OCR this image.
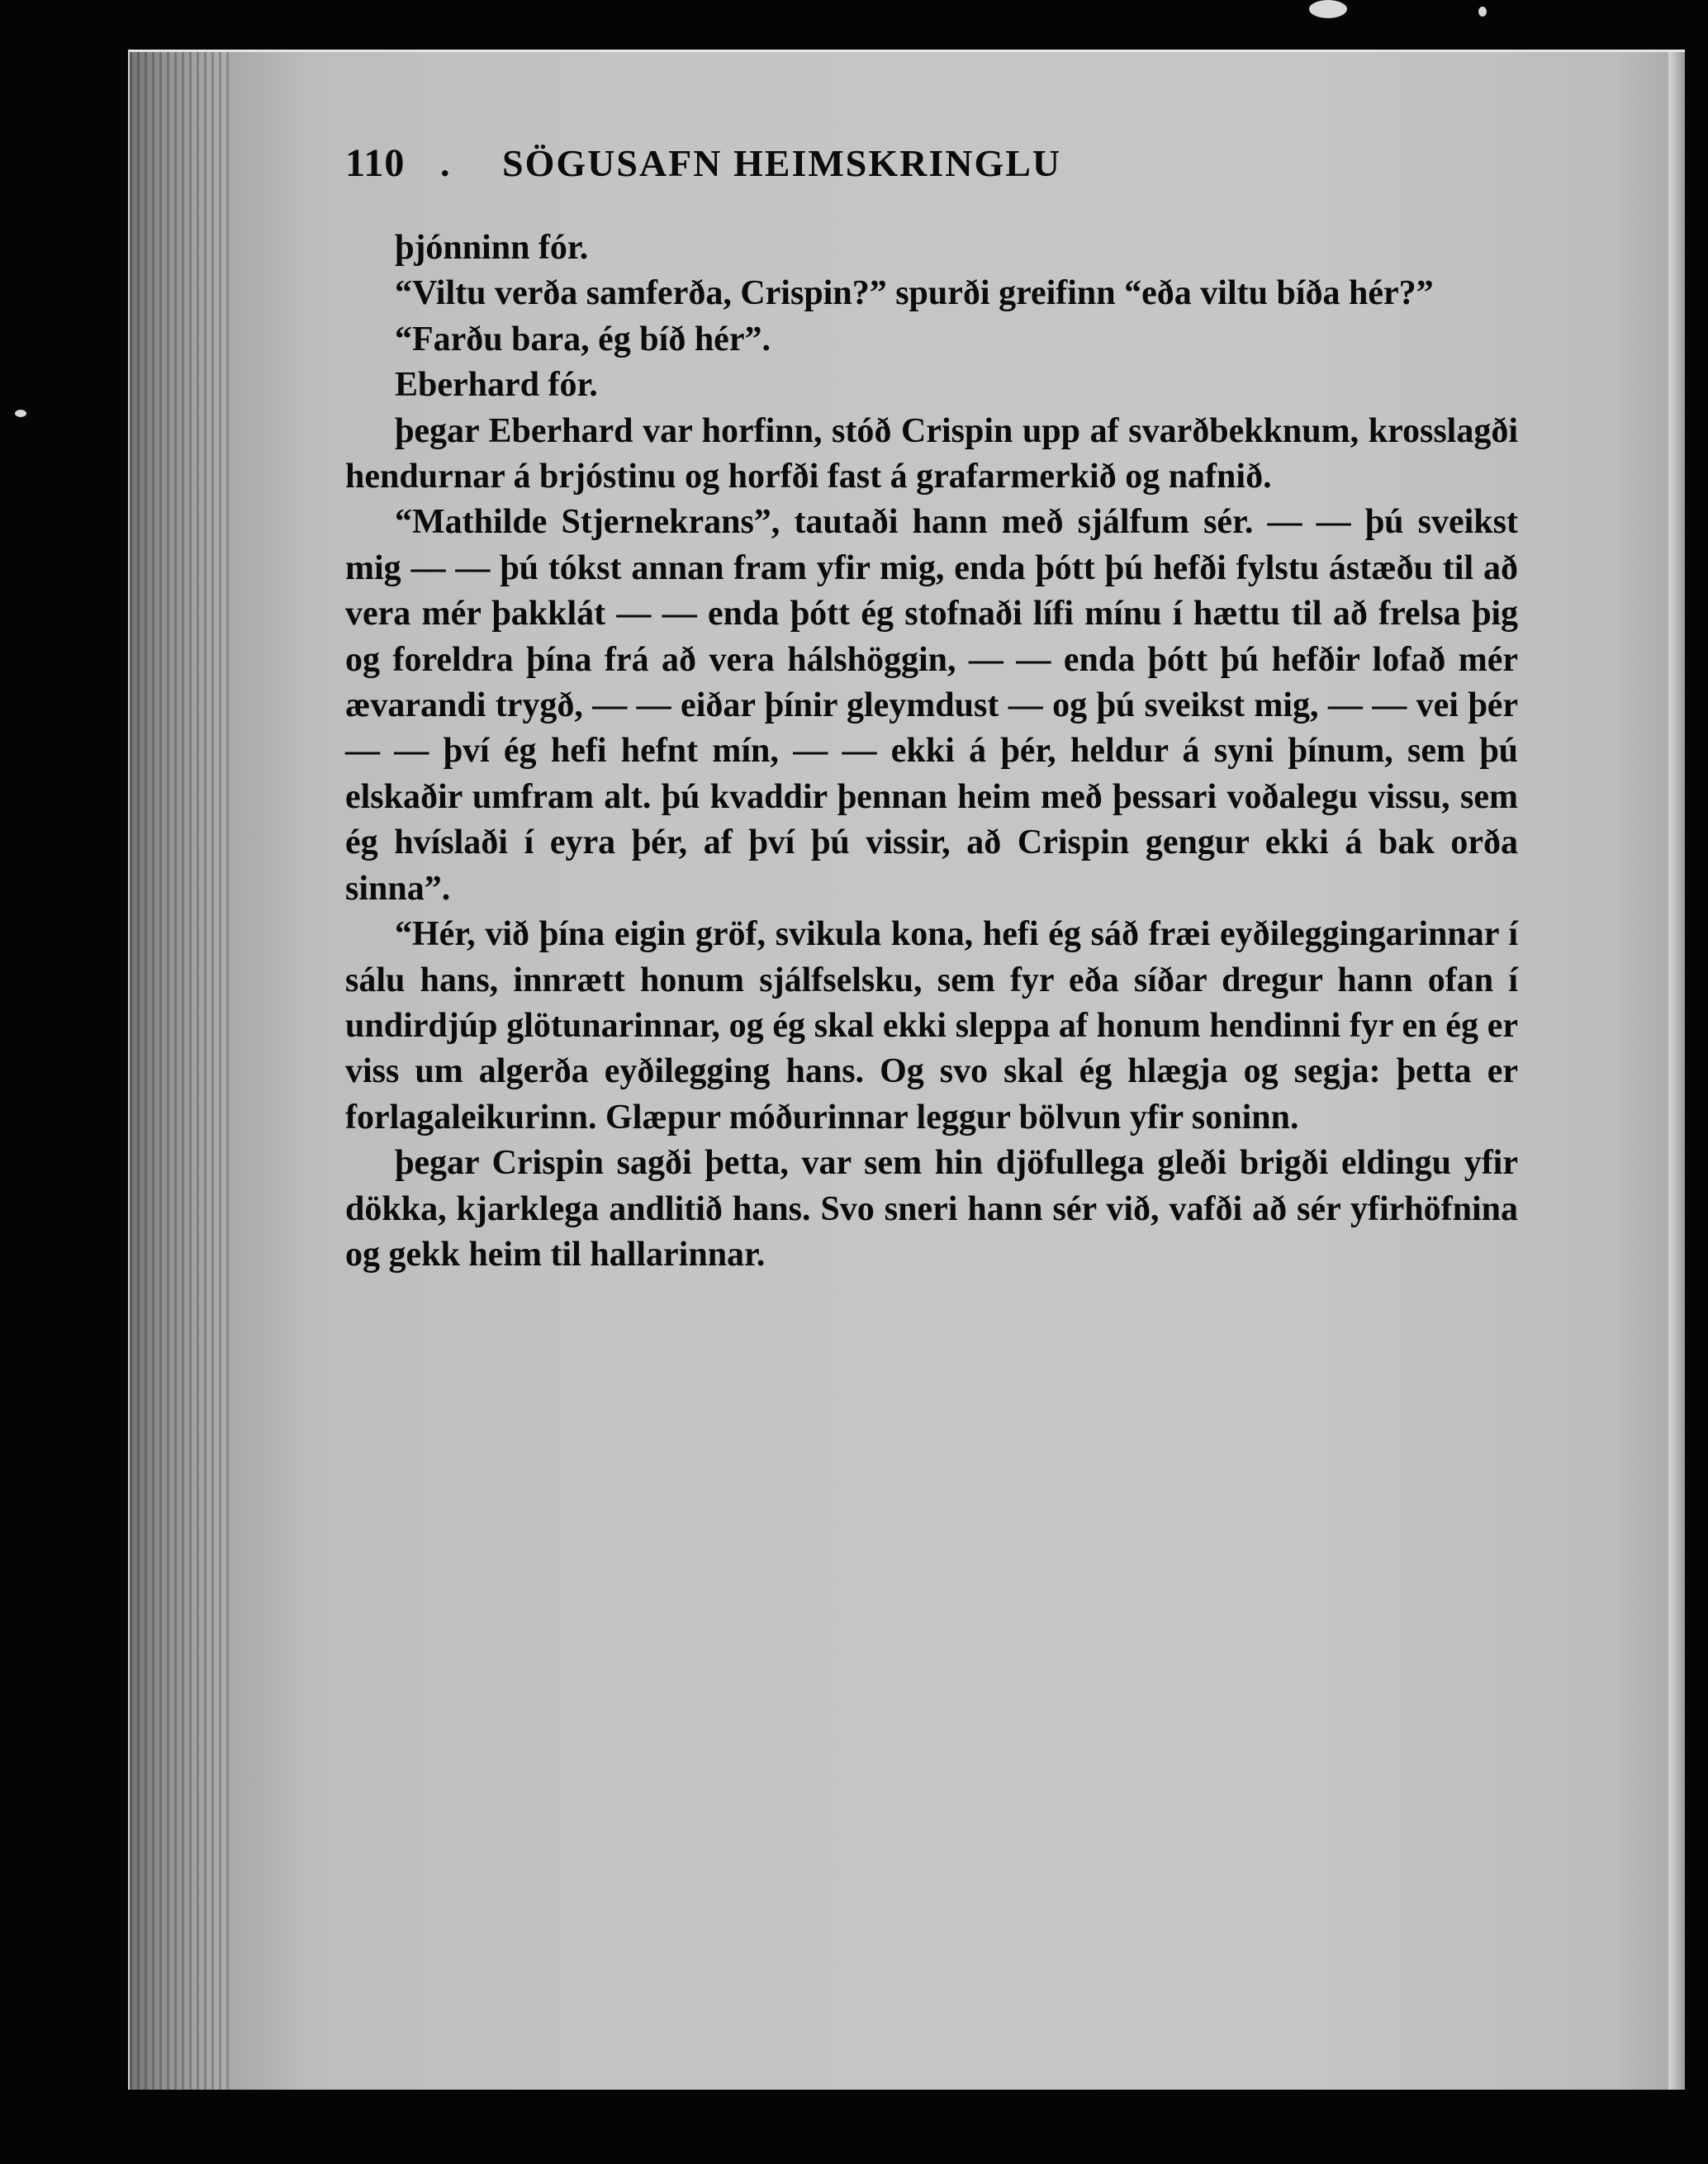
110 .	SÖGUSAFN HEIMSKRINGLU

þjónninn fór.

“Viltu verða samferða, Crispin?” spurði greifinn “eða viltu bíða hér?”

“Farðu bara, ég bíð hér”.

Eberhard fór.

þegar Eberhard var horfinn, stóð Crispin upp af svarðbekknum, krosslagði hendurnar á brjóstinu og horfði fast á grafarmerkið og nafnið.

“Mathilde Stjernekrans”, tautaði hann með sjálfum sér. — — þú sveikst mig — — þú tókst annan fram yfir mig, enda þótt þú hefði fylstu ástæðu til að vera mér þakklát — — enda þótt ég stofnaði lífi mínu í hættu til að frelsa þig og foreldra þína frá að vera hálshöggin, — — enda þótt þú hefðir lofað mér ævarandi trygð, — — eiðar þínir gleymdust — og þú sveikst mig, — — vei þér — — því ég hefi hefnt mín, — — ekki á þér, heldur á syni þínum, sem þú elskaðir umfram alt. þú kvaddir þennan heim með þessari voðalegu vissu, sem ég hvíslaði í eyra þér, af því þú vissir, að Crispin gengur ekki á bak orða sinna”.

“Hér, við þína eigin gröf, svikula kona, hefi ég sáð fræi eyðileggingarinnar í sálu hans, innrætt honum sjálfselsku, sem fyr eða síðar dregur hann ofan í undirdjúp glötunarinnar, og ég skal ekki sleppa af honum hendinni fyr en ég er viss um algerða eyðilegging hans. Og svo skal ég hlægja og segja: þetta er forlagaleikurinn. Glæpur móðurinnar leggur bölvun yfir soninn.

þegar Crispin sagði þetta, var sem hin djöfullega gleði brigði eldingu yfir dökka, kjarklega andlitið hans. Svo sneri hann sér við, vafði að sér yfirhöfnina og gekk heim til hallarinnar.
